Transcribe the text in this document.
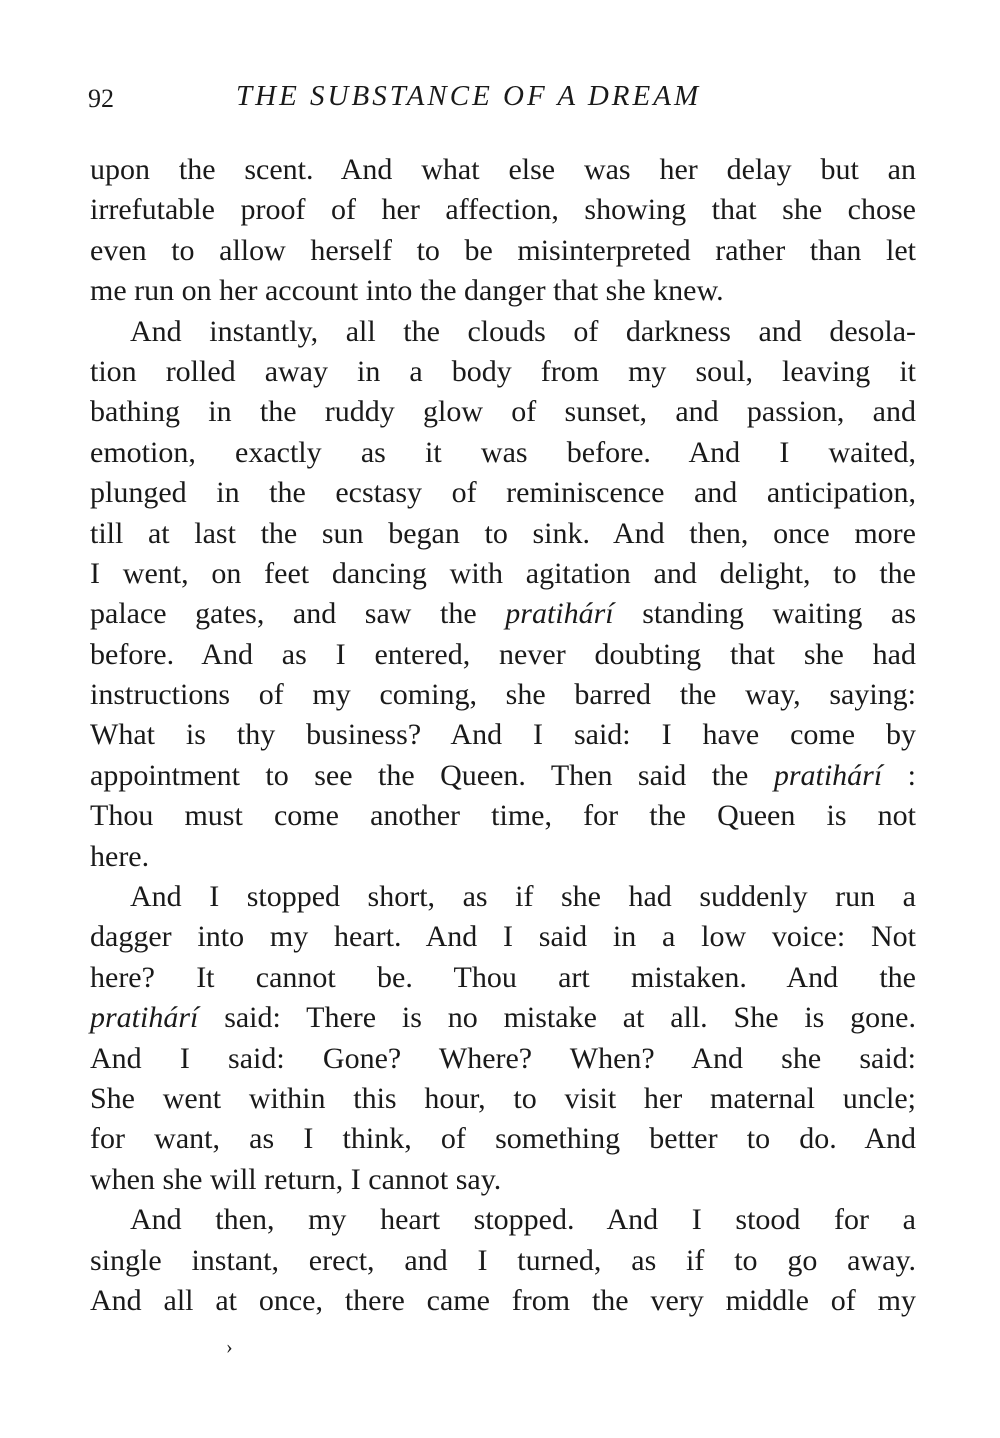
92	THE SUBSTANCE OF A DREAM
upon the scent. And what else was her delay but an
irrefutable proof of her affection, showing that she chose
even to allow herself to be misinterpreted rather than let
me run on her account into the danger that she knew.
And instantly, all the clouds of darkness and desola-
tion rolled away in a body from my soul, leaving it
bathing in the ruddy glow of sunset, and passion, and
emotion, exactly as it was before. And I waited,
plunged in the ecstasy of reminiscence and anticipation,
till at last the sun began to sink. And then, once more
I went, on feet dancing with agitation and delight, to the
palace gates, and saw the pratihárí standing waiting as
before. And as I entered, never doubting that she had
instructions of my coming, she barred the way, saying:
What is thy business? And I said: I have come by
appointment to see the Queen. Then said the pratihárí :
Thou must come another time, for the Queen is not
here.
And I stopped short, as if she had suddenly run a
dagger into my heart. And I said in a low voice: Not
here? It cannot be. Thou art mistaken. And the
pratihárí said: There is no mistake at all. She is gone.
And I said: Gone? Where? When? And she said:
She went within this hour, to visit her maternal uncle;
for want, as I think, of something better to do. And
when she will return, I cannot say.
And then, my heart stopped. And I stood for a
single instant, erect, and I turned, as if to go away.
And all at once, there came from the very middle of my
›
